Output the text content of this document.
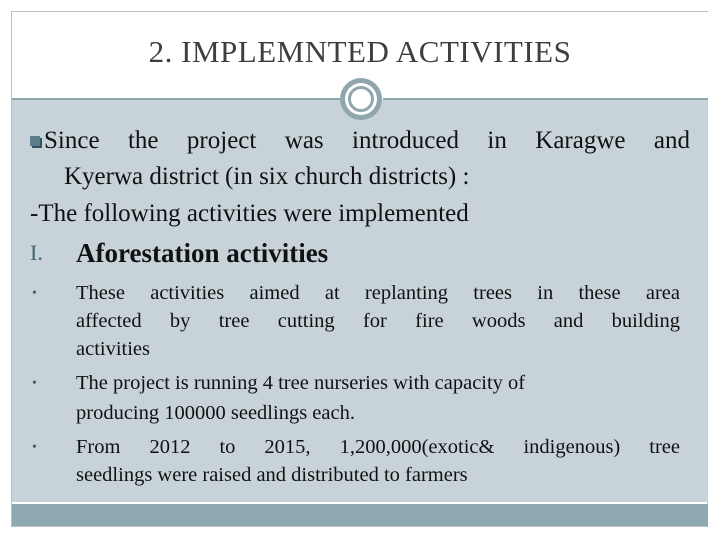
2. IMPLEMNTED ACTIVITIES
Since the project was introduced in Karagwe and
Kyerwa district (in six church districts) :
-The following activities were implemented
I. Aforestation activities
• These activities aimed at replanting trees in these area
affected by tree cutting for fire woods and building
activities
• The project is running 4 tree nurseries with capacity of
producing 100000 seedlings each.
• From 2012 to 2015, 1,200,000(exotic& indigenous) tree
seedlings were raised and distributed to farmers
